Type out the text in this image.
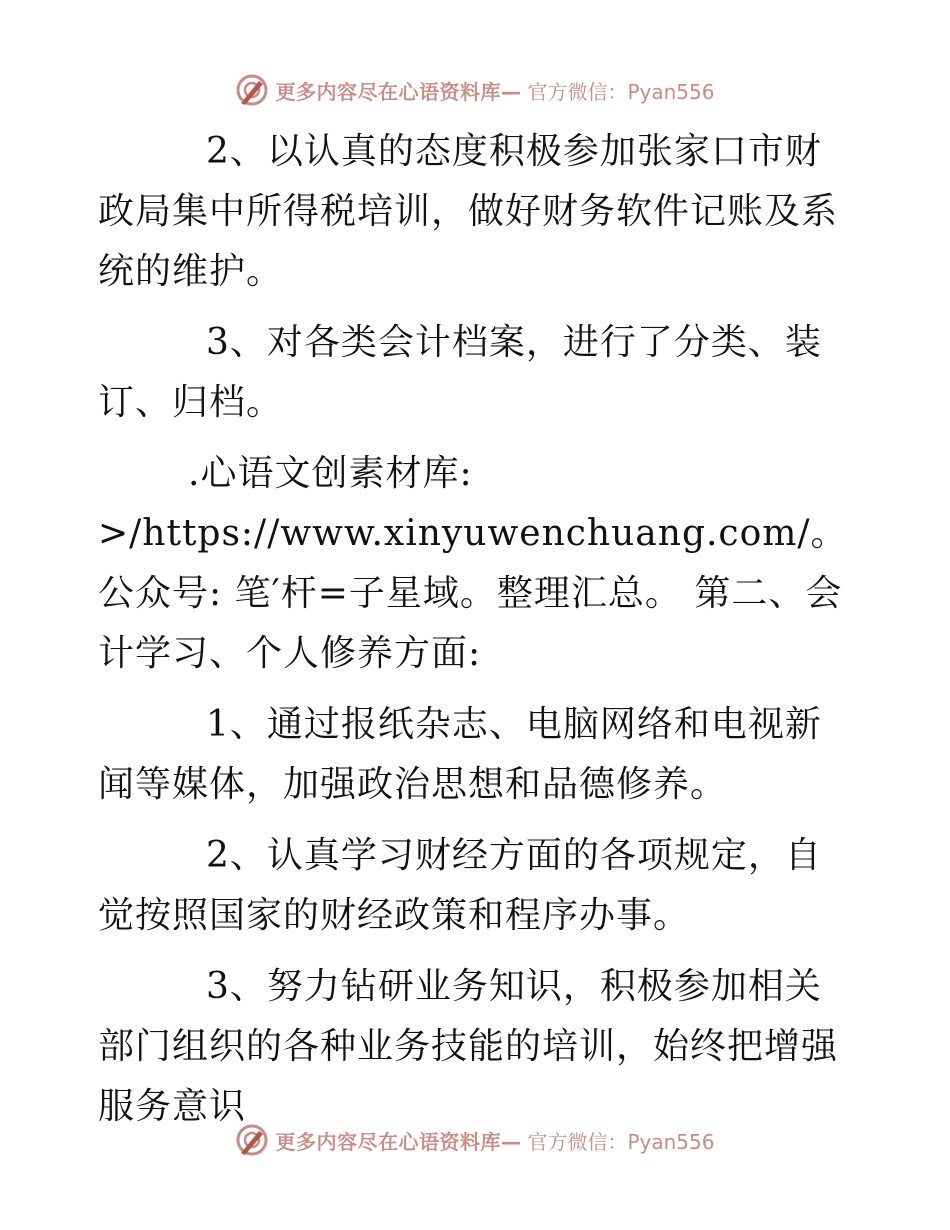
更多内容尽在心语资料库— 官方微信：Pyan556

2、以认真的态度积极参加张家口市财政局集中所得税培训，做好财务软件记账及系统的维护。

3、对各类会计档案，进行了分类、装订、归档。

.心语文创素材库: >/https://www.xinyuwenchuang.com/。公众号: 笔′杆=子星域。整理汇总。 第二、会计学习、个人修养方面:

1、通过报纸杂志、电脑网络和电视新闻等媒体，加强政治思想和品德修养。

2、认真学习财经方面的各项规定，自觉按照国家的财经政策和程序办事。

3、努力钻研业务知识，积极参加相关部门组织的各种业务技能的培训，始终把增强服务意识

更多内容尽在心语资料库— 官方微信：Pyan556
